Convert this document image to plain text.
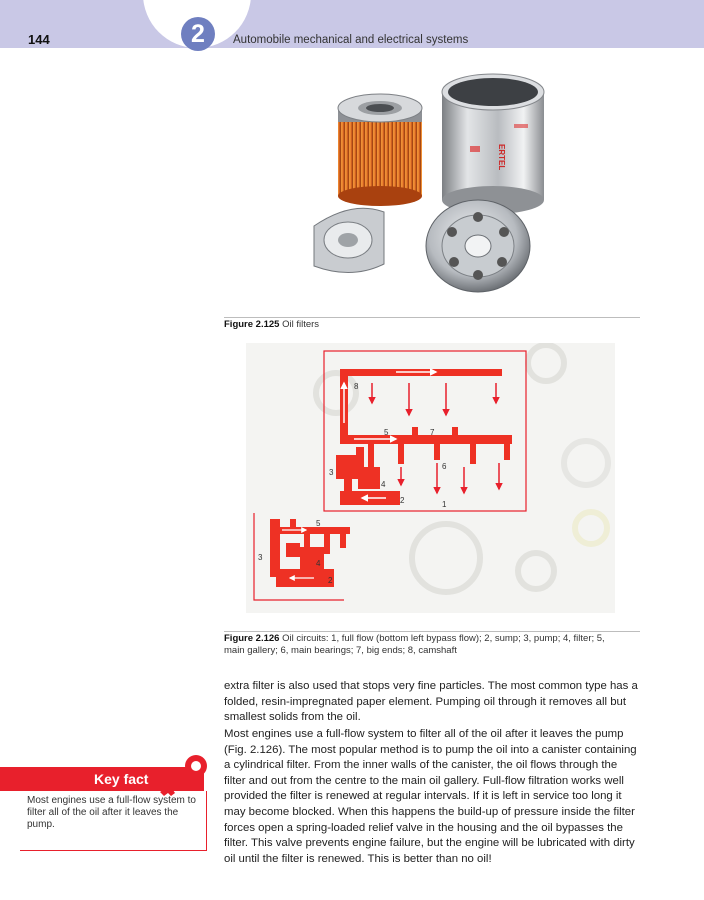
144	2	Automobile mechanical and electrical systems
ERTEL
Figure 2.125 Oil filters
8
5	7
6
3
4
2	1
5
3
4
2
Figure 2.126 Oil circuits: 1, full flow (bottom left bypass flow); 2, sump; 3, pump; 4, filter; 5, main gallery; 6, main bearings; 7, big ends; 8, camshaft

extra filter is also used that stops very fine particles. The most common type has a folded, resin-impregnated paper element. Pumping oil through it removes all but smallest solids from the oil.

Most engines use a full-flow system to filter all of the oil after it leaves the pump (Fig. 2.126). The most popular method is to pump the oil into a canister containing a cylindrical filter. From the inner walls of the canister, the oil flows through the filter and out from the centre to the main oil gallery. Full-flow filtration works well provided the filter is renewed at regular intervals. If it is left in service too long it may become blocked. When this happens the build-up of pressure inside the filter forces open a spring-loaded relief valve in the housing and the oil bypasses the filter. This valve prevents engine failure, but the engine will be lubricated with dirty oil until the filter is renewed. This is better than no oil!

Key fact

Most engines use a full-flow system to filter all of the oil after it leaves the pump.
